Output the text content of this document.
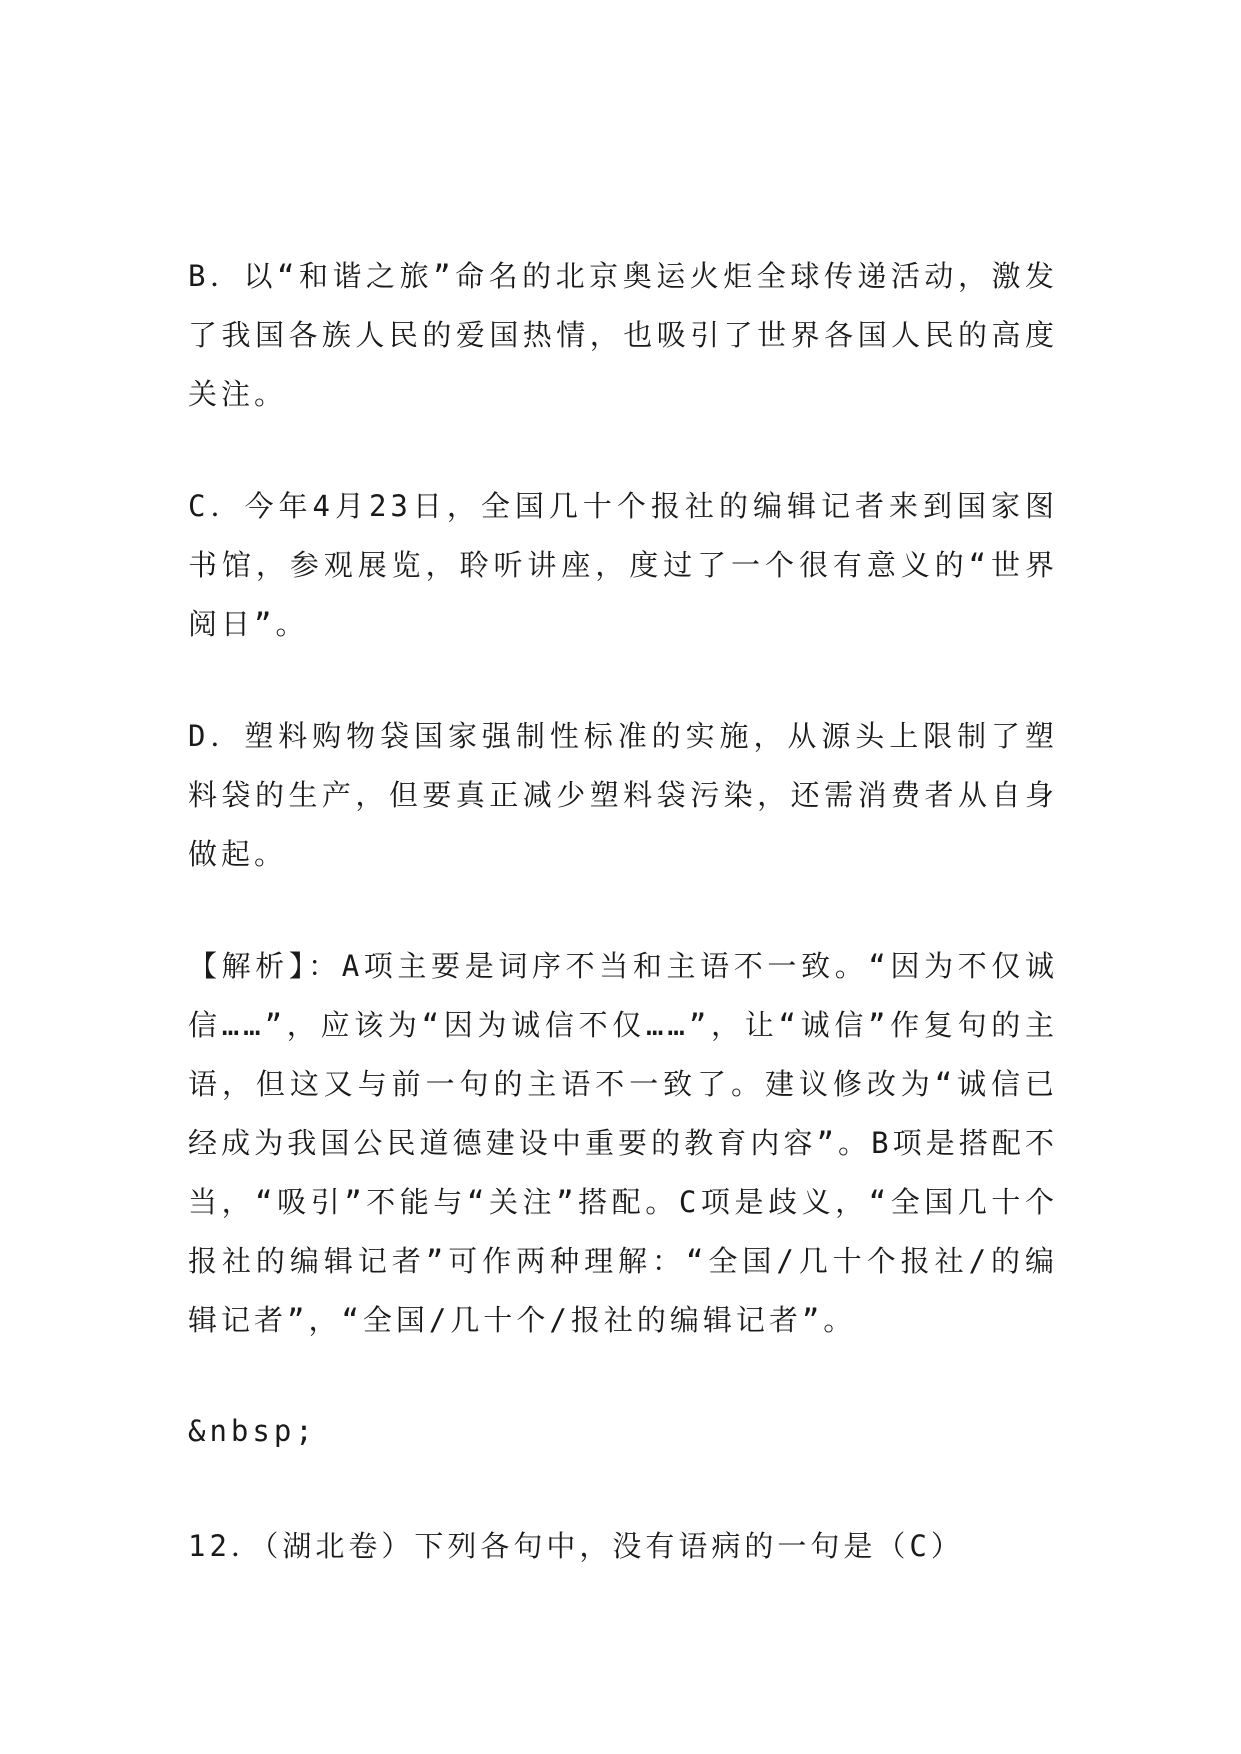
B．以“和谐之旅”命名的北京奥运火炬全球传递活动，激发了我国各族人民的爱国热情，也吸引了世界各国人民的高度关注。

C．今年4月23日，全国几十个报社的编辑记者来到国家图书馆，参观展览，聆听讲座，度过了一个很有意义的“世界阅日”。

D．塑料购物袋国家强制性标准的实施，从源头上限制了塑料袋的生产，但要真正减少塑料袋污染，还需消费者从自身做起。

【解析】：A项主要是词序不当和主语不一致。“因为不仅诚信……”，应该为“因为诚信不仅……”，让“诚信”作复句的主语，但这又与前一句的主语不一致了。建议修改为“诚信已经成为我国公民道德建设中重要的教育内容”。B项是搭配不当，“吸引”不能与“关注”搭配。C项是歧义，“全国几十个报社的编辑记者”可作两种理解：“全国/几十个报社/的编辑记者”，“全国/几十个/报社的编辑记者”。

&nbsp;

12．（湖北卷）下列各句中，没有语病的一句是（C）
